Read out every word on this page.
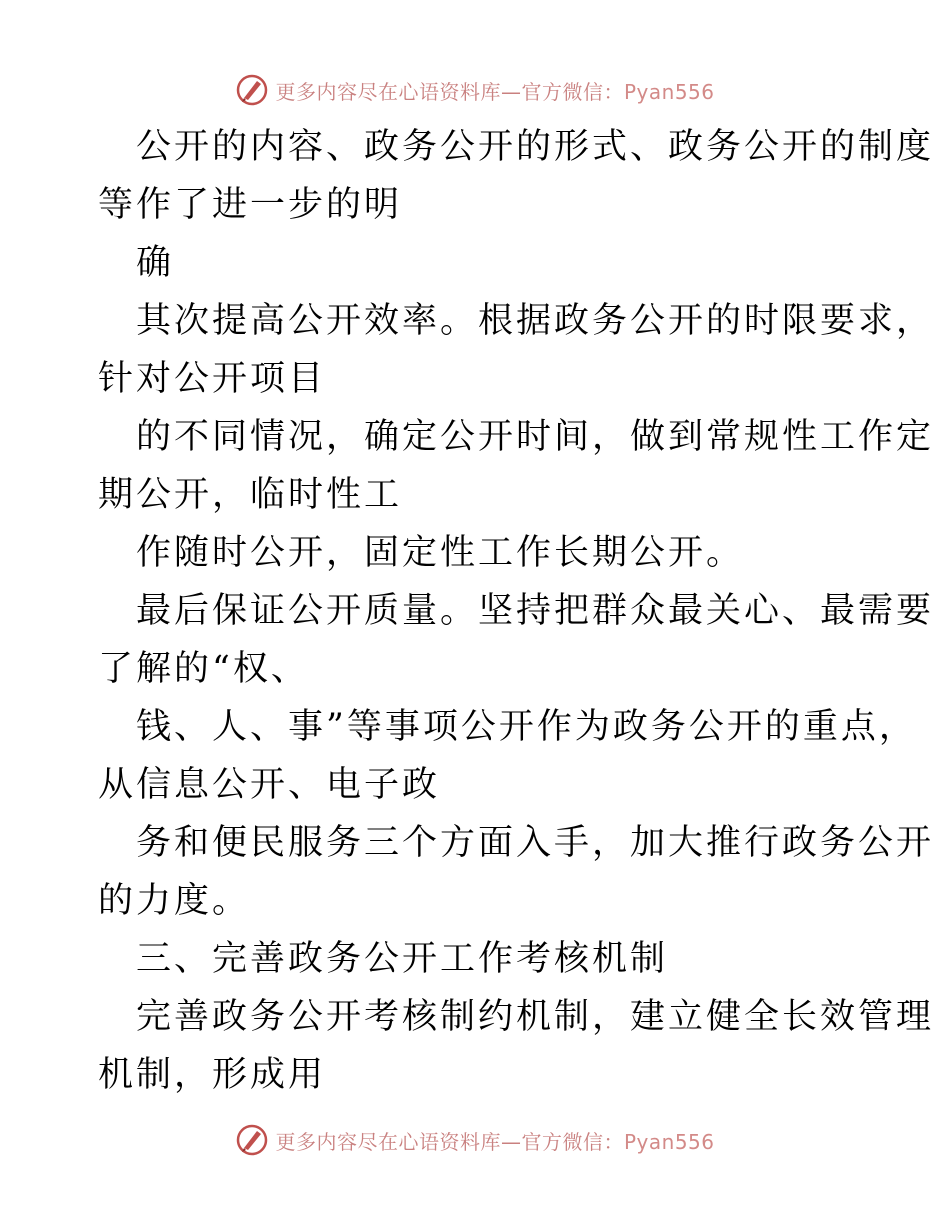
更多内容尽在心语资料库—官方微信：Pyan556
公开的内容、政务公开的形式、政务公开的制度
等作了进一步的明
确
其次提高公开效率。根据政务公开的时限要求，
针对公开项目
的不同情况，确定公开时间，做到常规性工作定
期公开，临时性工
作随时公开，固定性工作长期公开。
最后保证公开质量。坚持把群众最关心、最需要
了解的“权、
钱、人、事”等事项公开作为政务公开的重点，
从信息公开、电子政
务和便民服务三个方面入手，加大推行政务公开
的力度。
三、完善政务公开工作考核机制
完善政务公开考核制约机制，建立健全长效管理
机制，形成用
更多内容尽在心语资料库—官方微信：Pyan556
